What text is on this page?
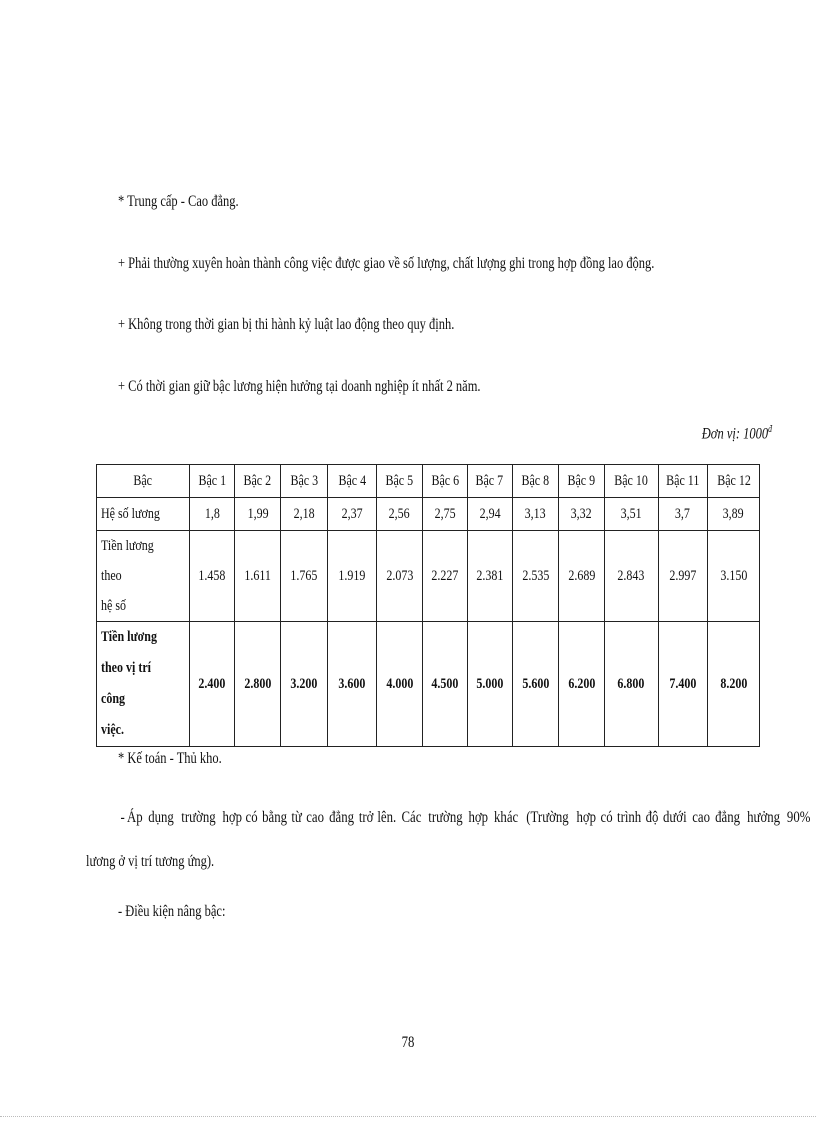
* Trung cấp - Cao đẳng.
+ Phải thường xuyên hoàn thành công việc được giao về số lượng, chất lượng ghi trong hợp đồng lao động.
+ Không trong thời gian bị thi hành kỷ luật lao động theo quy định.
+ Có thời gian giữ bậc lương hiện hưởng tại doanh nghiệp ít nhất 2 năm.
Đơn vị: $1000^đ$
Bậc	Bậc 1	Bậc 2	Bậc 3	Bậc 4	Bậc 5	Bậc 6	Bậc 7	Bậc 8	Bậc 9	Bậc 10	Bậc 11	Bậc 12
Hệ số lương	1,8	1,99	2,18	2,37	2,56	2,75	2,94	3,13	3,32	3,51	3,7	3,89

Tiền lương theo
hệ số	1.458	1.611	1.765	1.919	2.073	2.227	2.381	2.535	2.689	2.843	2.997	3.150

Tiền lương
theo vị trí công
việc.	2.400	2.800	3.200	3.600	4.000	4.500	5.000	5.600	6.200	6.800	7.400	8.200
* Kế toán - Thủ kho.
- Áp dụng trường hợp có bằng từ cao đẳng trở lên. Các trường hợp khác (Trường hợp có trình độ dưới cao đẳng hưởng 90%
lương ở vị trí tương ứng).
- Điều kiện nâng bậc:
78
